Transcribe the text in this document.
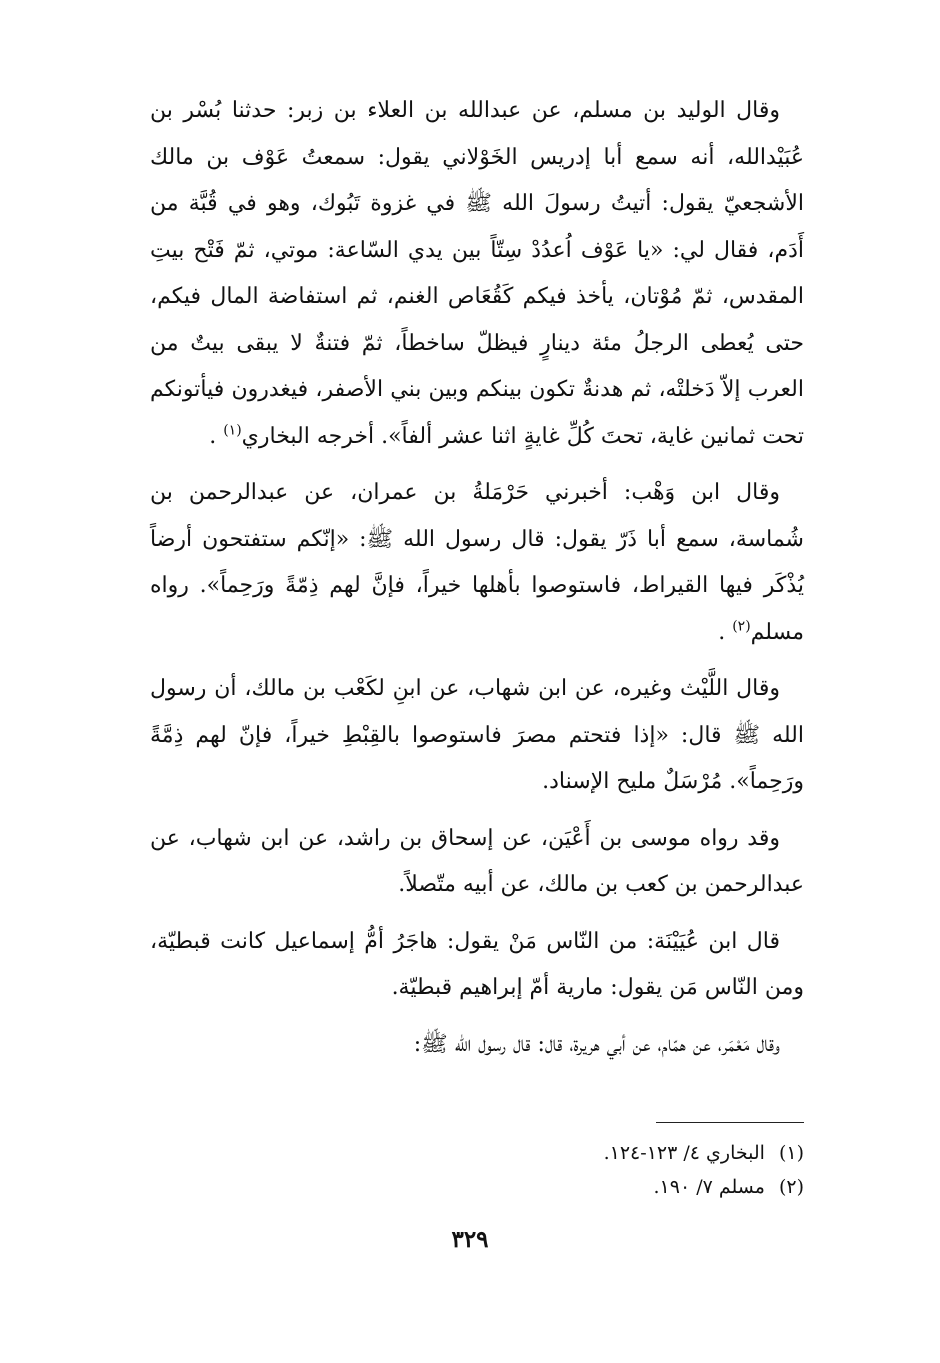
وقال الوليد بن مسلم، عن عبدالله بن العلاء بن زبر: حدثنا بُسْر بن عُبَيْدالله، أنه سمع أبا إدريس الخَوْلاني يقول: سمعتُ عَوْف بن مالك الأشجعيّ يقول: أتيتُ رسولَ الله ﷺ في غزوة تَبُوك، وهو في قُبَّة من أَدَم، فقال لي: «يا عَوْف اُعدُدْ سِتّاً بين يدي السّاعة: موتي، ثمّ فَتْح بيتِ المقدس، ثمّ مُوْتان، يأخذ فيكم كَقُعَاص الغنم، ثم استفاضة المال فيكم، حتى يُعطى الرجلُ مئة دينارٍ فيظلّ ساخطاً، ثمّ فتنةٌ لا يبقى بيتٌ من العرب إلاّ دَخلتْه، ثم هدنةٌ تكون بينكم وبين بني الأصفر، فيغدرون فيأتونكم تحت ثمانين غاية، تحتَ كُلِّ غايةٍ اثنا عشر ألفاً». أخرجه البخاري$^{(١)}$ .

وقال ابن وَهْب: أخبرني حَرْمَلةُ بن عمران، عن عبدالرحمن بن شُماسة، سمع أبا ذَرّ يقول: قال رسول الله ﷺ: «إنّكم ستفتحون أرضاً يُذْكَر فيها القيراط، فاستوصوا بأهلها خيراً، فإنَّ لهم ذِمّةً ورَحِماً». رواه مسلم$^{(٢)}$ .

وقال اللَّيْث وغيره، عن ابن شهاب، عن ابنِ لكَعْب بن مالك، أن رسول الله ﷺ قال: «إذا فتحتم مصرَ فاستوصوا بالقِبْطِ خيراً، فإنّ لهم ذِمَّةً ورَحِماً». مُرْسَلٌ مليح الإسناد.

وقد رواه موسى بن أَعْيَن، عن إسحاق بن راشد، عن ابن شهاب، عن عبدالرحمن بن كعب بن مالك، عن أبيه متّصلاً.

قال ابن عُيَيْنَة: من النّاس مَنْ يقول: هاجَرُ أمُّ إسماعيل كانت قبطيّة، ومن النّاس مَن يقول: مارية أمّ إبراهيم قبطيّة.

وقال مَعْمَر، عن همّام، عن أبي هريرة، قال: قال رسول الله ﷺ:

(١)البخاري ٤/ ١٢٣-١٢٤.
(٢)مسلم ٧/ ١٩٠.
٣٢٩
